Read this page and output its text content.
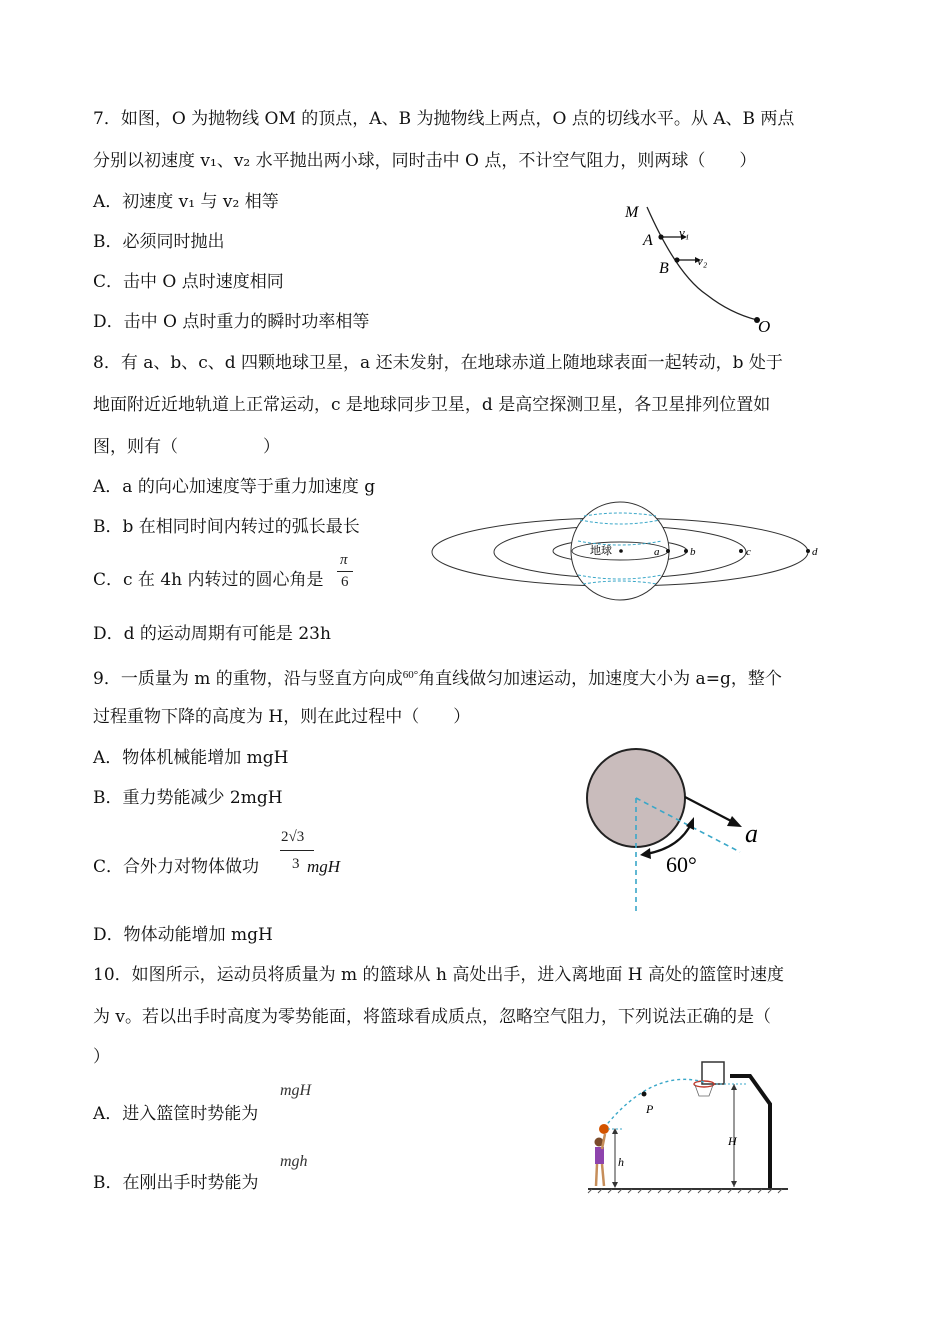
7．如图，O 为抛物线 OM 的顶点，A、B 为抛物线上两点，O 点的切线水平。从 A、B 两点
分别以初速度 v₁、v₂ 水平抛出两小球，同时击中 O 点，不计空气阻力，则两球（　　）
A．初速度 v₁ 与 v₂ 相等
B．必须同时抛出
C．击中 O 点时速度相同
D．击中 O 点时重力的瞬时功率相等
M
A
B
O
v₁
v₂
8．有 a、b、c、d 四颗地球卫星，a 还未发射，在地球赤道上随地球表面一起转动，b 处于
地面附近近地轨道上正常运动，c 是地球同步卫星，d 是高空探测卫星，各卫星排列位置如
图，则有（　　　　　）
A．a 的向心加速度等于重力加速度 g
B．b 在相同时间内转过的弧长最长
C．c 在 4h 内转过的圆心角是
π
6
D．d 的运动周期有可能是 23h
地球	a	b	c	d
9．一质量为 m 的重物，沿与竖直方向成$^{60^\circ}$角直线做匀加速运动，加速度大小为 a=g，整个
过程重物下降的高度为 H，则在此过程中（　　）
A．物体机械能增加 mgH
B．重力势能减少 2mgH
C．合外力对物体做功	mgH
2√3
3
D．物体动能增加 mgH
a
60°
10．如图所示，运动员将质量为 m 的篮球从 h 高处出手，进入离地面 H 高处的篮筐时速度
为 v。若以出手时高度为零势能面，将篮球看成质点，忽略空气阻力，下列说法正确的是（
）
A．进入篮筐时势能为
mgH
B．在刚出手时势能为
mgh
P
h
H
